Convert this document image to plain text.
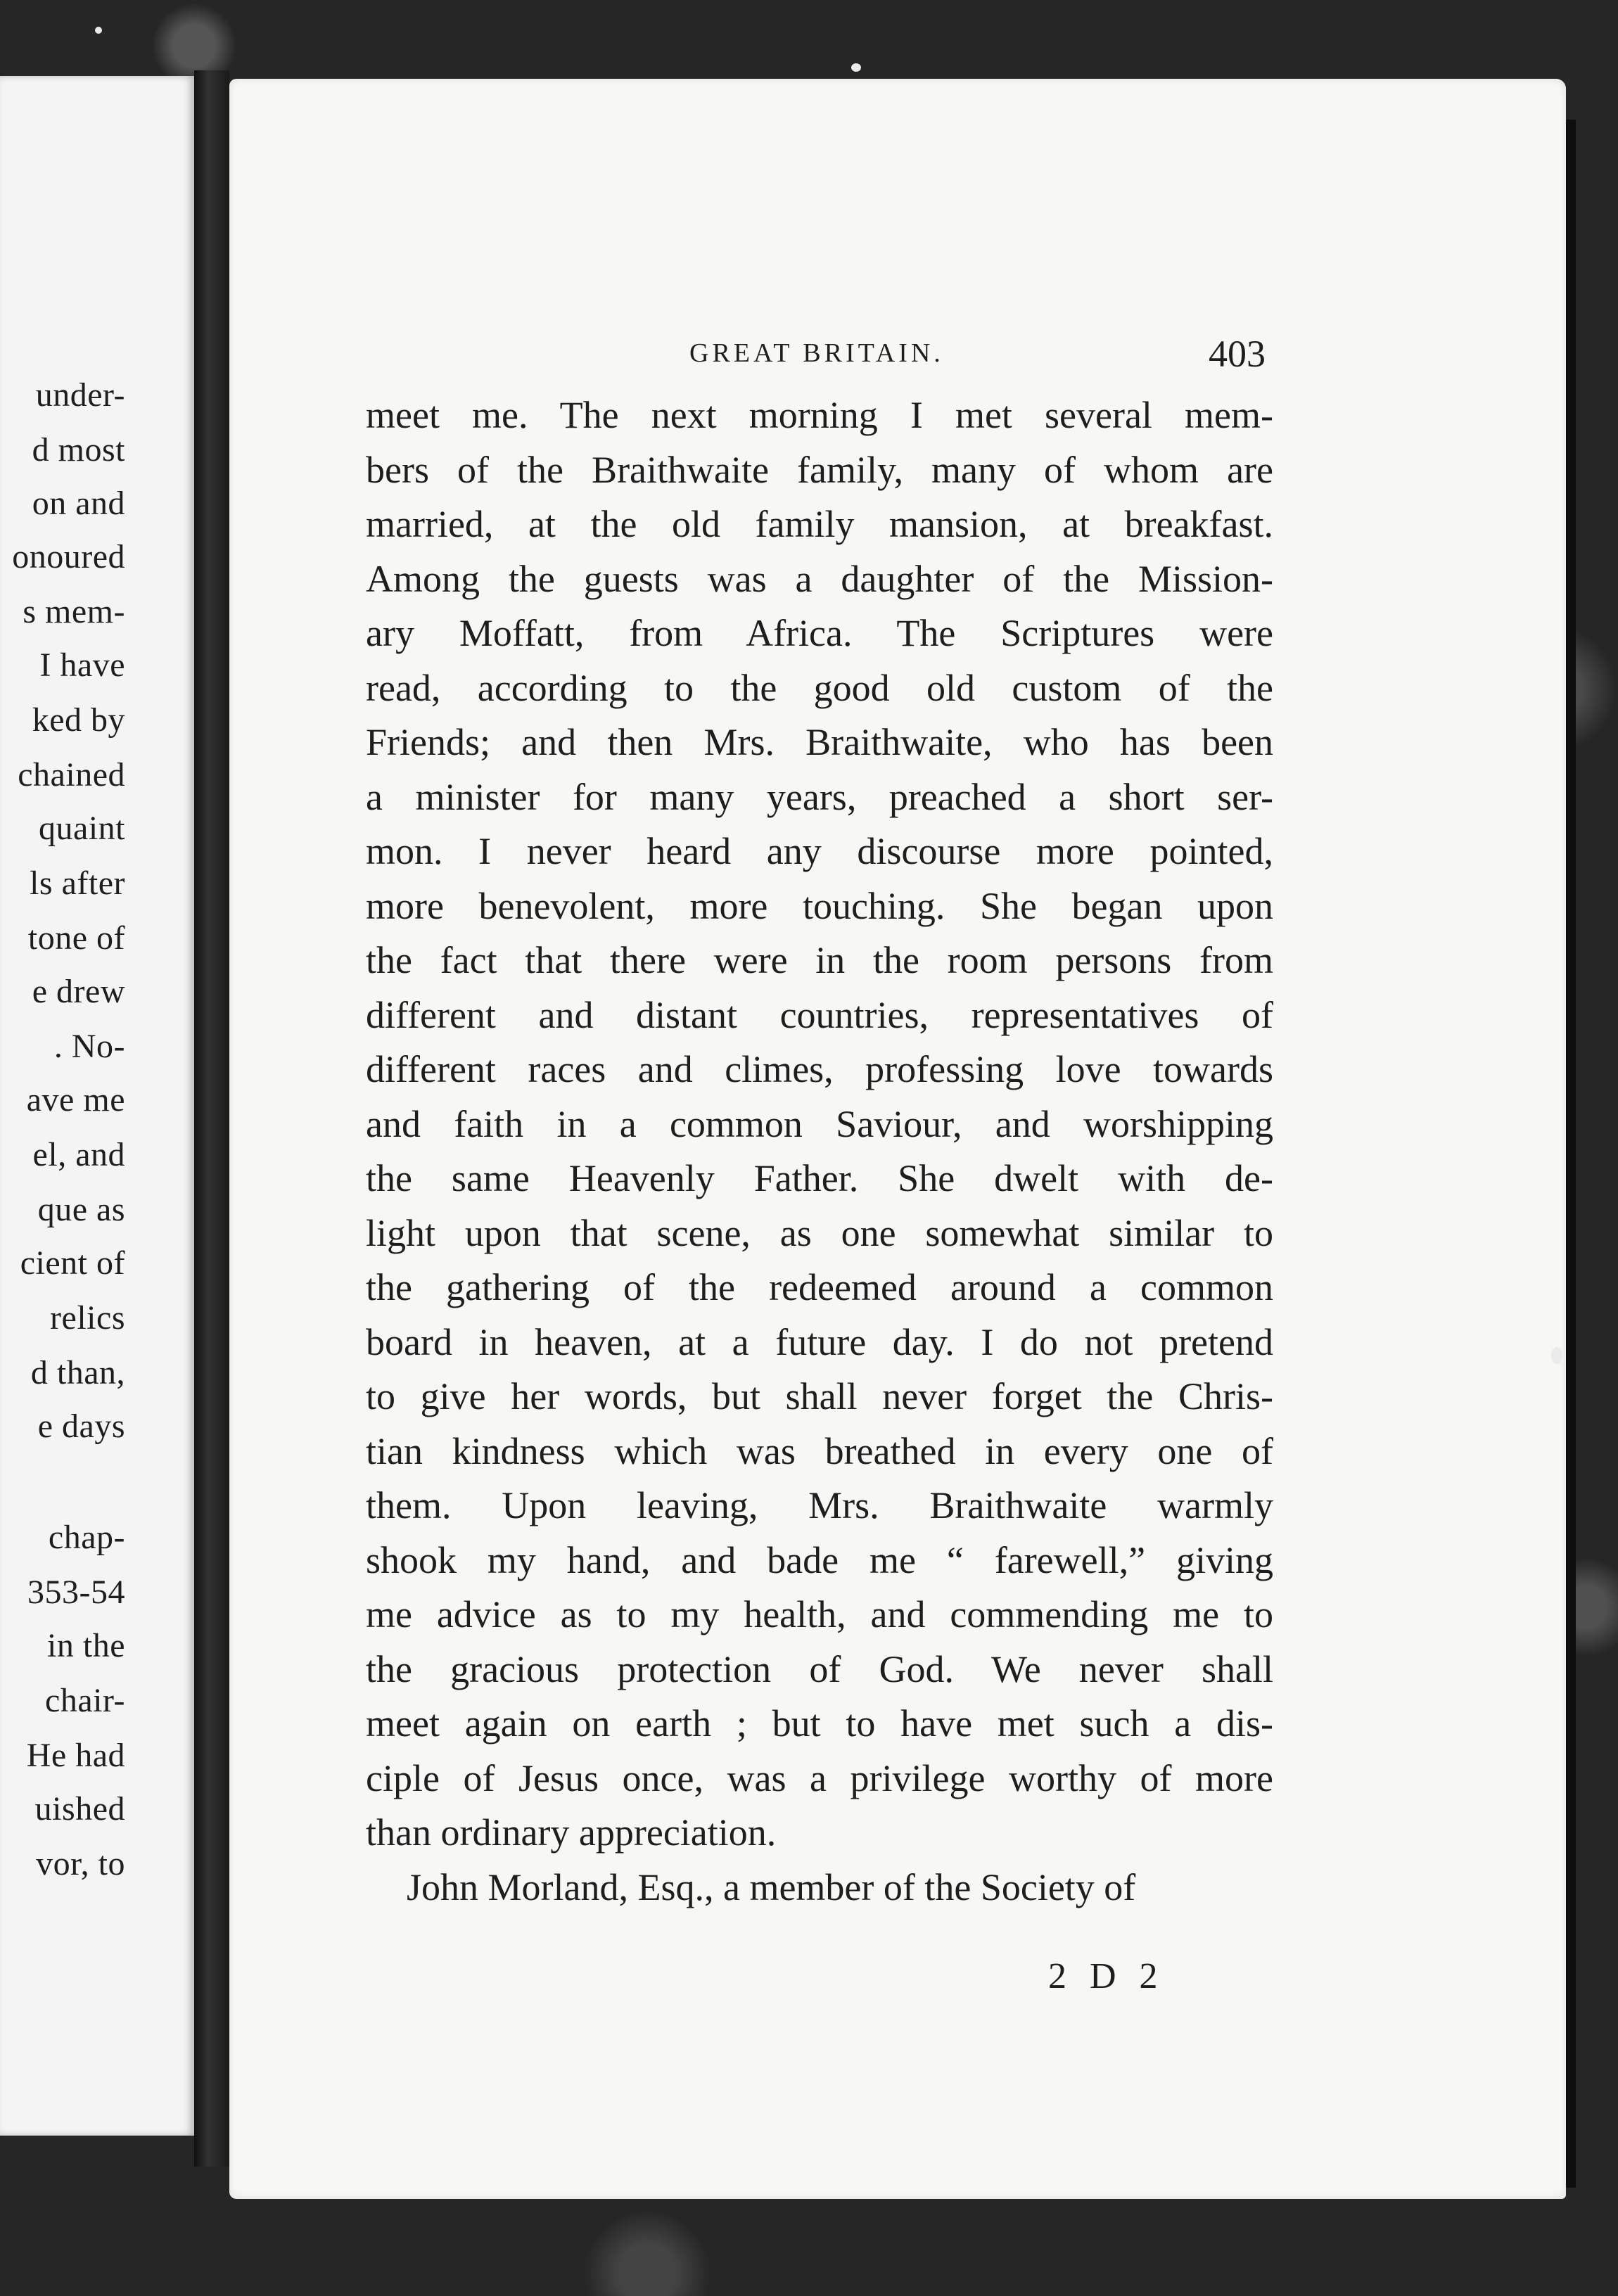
under-
d most
on and
onoured
s mem-
I have
ked by
chained
quaint
ls after
tone of
e drew
. No-
ave me
el, and
que as
cient of
relics
d than,
e days
chap-
353-54
in the
chair-
He had
uished
vor, to
GREAT BRITAIN.	403
meet me. The next morning I met several mem-
bers of the Braithwaite family, many of whom are
married, at the old family mansion, at breakfast.
Among the guests was a daughter of the Mission-
ary Moffatt, from Africa. The Scriptures were
read, according to the good old custom of the
Friends; and then Mrs. Braithwaite, who has been
a minister for many years, preached a short ser-
mon. I never heard any discourse more pointed,
more benevolent, more touching. She began upon
the fact that there were in the room persons from
different and distant countries, representatives of
different races and climes, professing love towards
and faith in a common Saviour, and worshipping
the same Heavenly Father. She dwelt with de-
light upon that scene, as one somewhat similar to
the gathering of the redeemed around a common
board in heaven, at a future day. I do not pretend
to give her words, but shall never forget the Chris-
tian kindness which was breathed in every one of
them. Upon leaving, Mrs. Braithwaite warmly
shook my hand, and bade me “ farewell,” giving
me advice as to my health, and commending me to
the gracious protection of God. We never shall
meet again on earth ; but to have met such a dis-
ciple of Jesus once, was a privilege worthy of more
than ordinary appreciation.
John Morland, Esq., a member of the Society of
2 D 2
